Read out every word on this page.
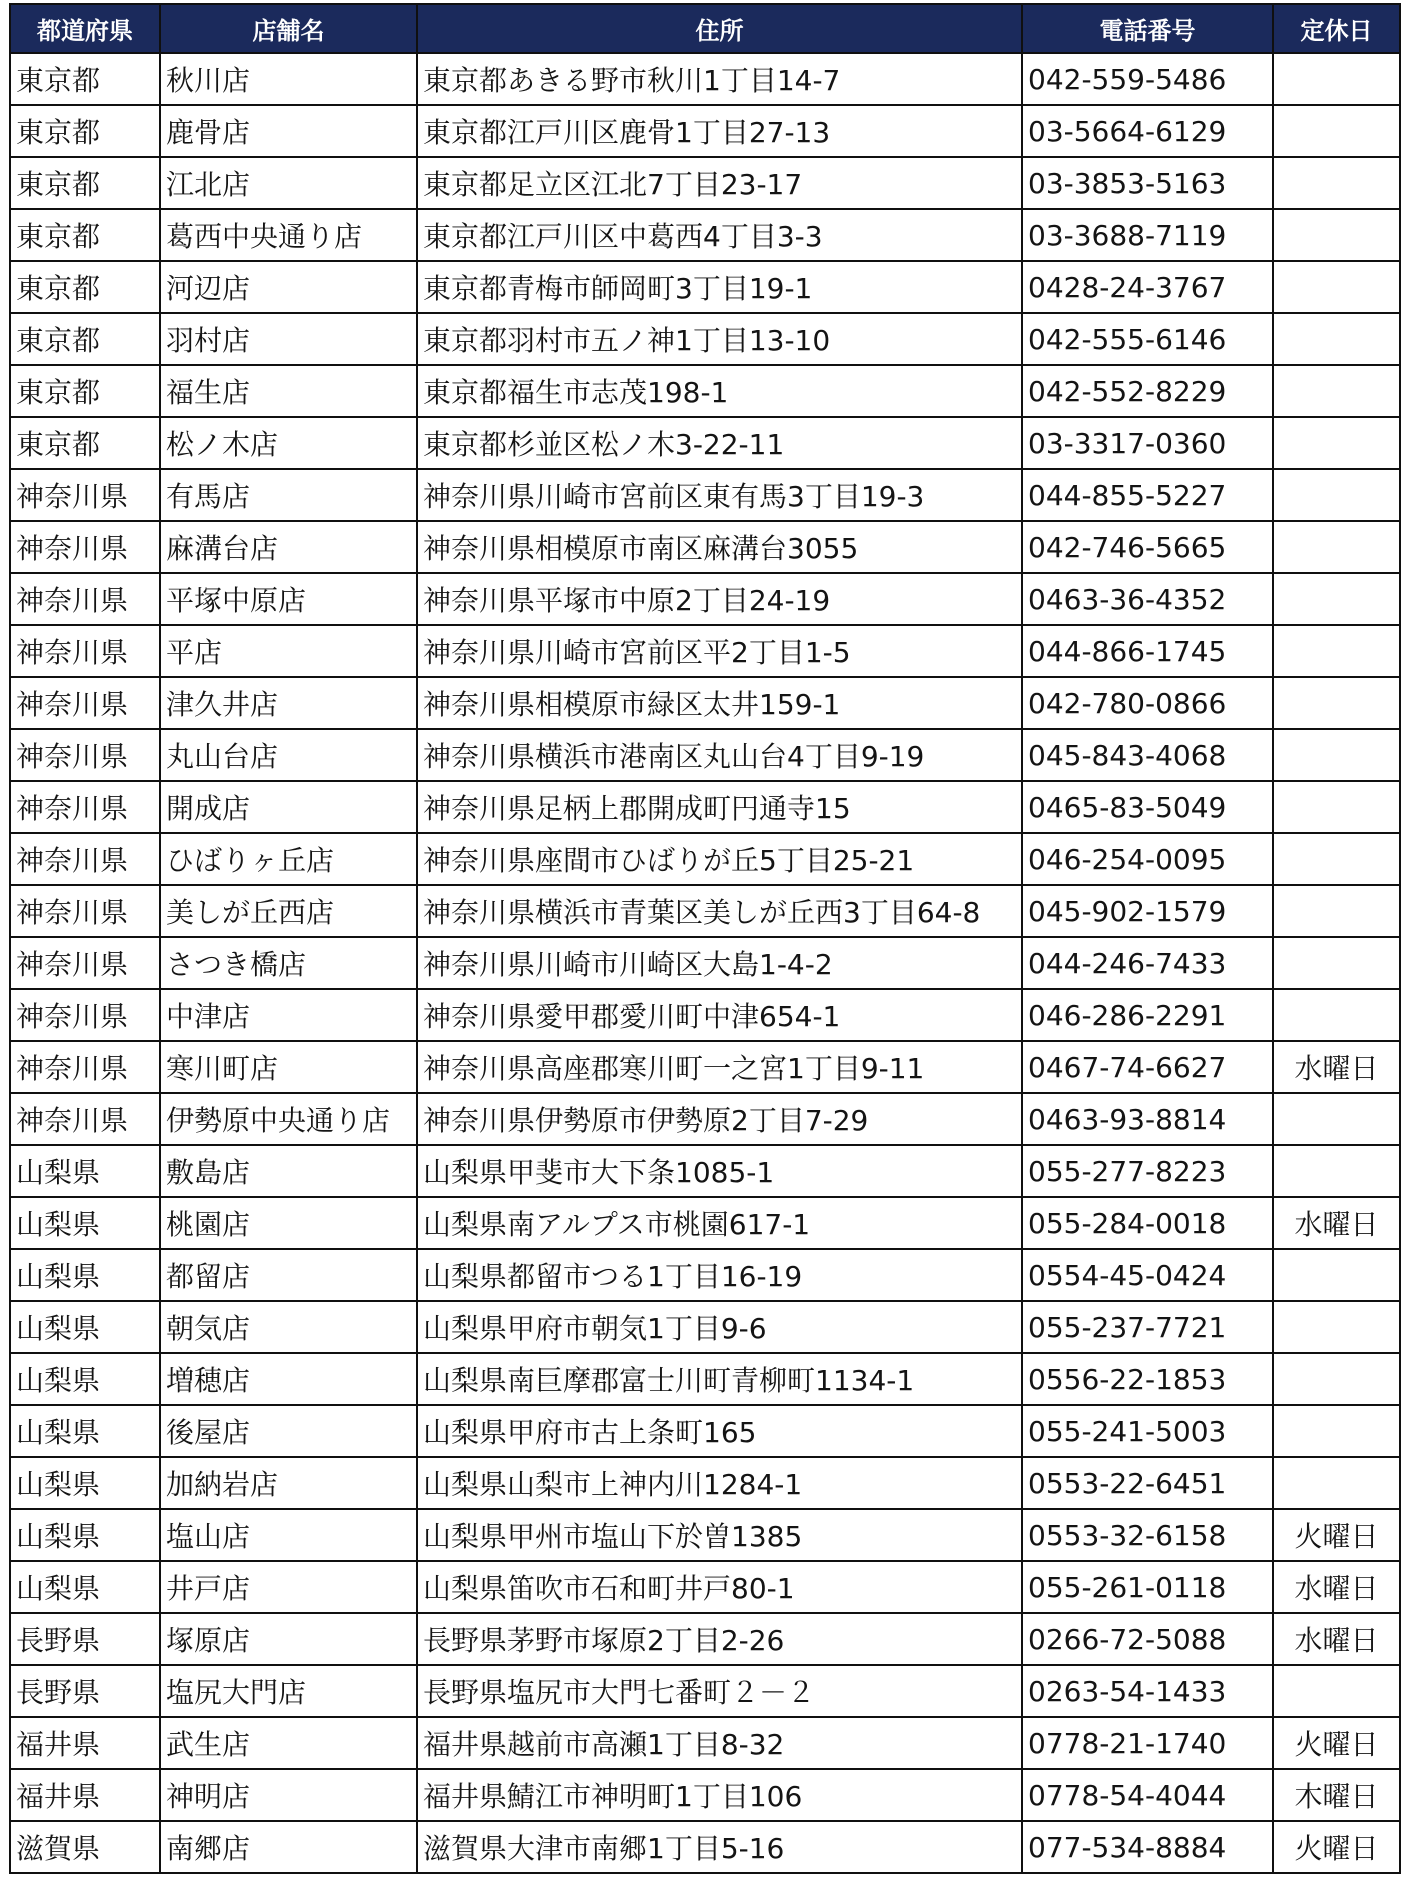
都道府県	店舗名	住所	電話番号	定休日
東京都	秋川店	東京都あきる野市秋川1丁目14-7	042-559-5486	
東京都	鹿骨店	東京都江戸川区鹿骨1丁目27-13	03-5664-6129	
東京都	江北店	東京都足立区江北7丁目23-17	03-3853-5163	
東京都	葛西中央通り店	東京都江戸川区中葛西4丁目3-3	03-3688-7119	
東京都	河辺店	東京都青梅市師岡町3丁目19-1	0428-24-3767	
東京都	羽村店	東京都羽村市五ノ神1丁目13-10	042-555-6146	
東京都	福生店	東京都福生市志茂198-1	042-552-8229	
東京都	松ノ木店	東京都杉並区松ノ木3-22-11	03-3317-0360	
神奈川県	有馬店	神奈川県川崎市宮前区東有馬3丁目19-3	044-855-5227	
神奈川県	麻溝台店	神奈川県相模原市南区麻溝台3055	042-746-5665	
神奈川県	平塚中原店	神奈川県平塚市中原2丁目24-19	0463-36-4352	
神奈川県	平店	神奈川県川崎市宮前区平2丁目1-5	044-866-1745	
神奈川県	津久井店	神奈川県相模原市緑区太井159-1	042-780-0866	
神奈川県	丸山台店	神奈川県横浜市港南区丸山台4丁目9-19	045-843-4068	
神奈川県	開成店	神奈川県足柄上郡開成町円通寺15	0465-83-5049	
神奈川県	ひばりヶ丘店	神奈川県座間市ひばりが丘5丁目25-21	046-254-0095	
神奈川県	美しが丘西店	神奈川県横浜市青葉区美しが丘西3丁目64-8	045-902-1579	
神奈川県	さつき橋店	神奈川県川崎市川崎区大島1-4-2	044-246-7433	
神奈川県	中津店	神奈川県愛甲郡愛川町中津654-1	046-286-2291	
神奈川県	寒川町店	神奈川県高座郡寒川町一之宮1丁目9-11	0467-74-6627	水曜日
神奈川県	伊勢原中央通り店	神奈川県伊勢原市伊勢原2丁目7-29	0463-93-8814	
山梨県	敷島店	山梨県甲斐市大下条1085-1	055-277-8223	
山梨県	桃園店	山梨県南アルプス市桃園617-1	055-284-0018	水曜日
山梨県	都留店	山梨県都留市つる1丁目16-19	0554-45-0424	
山梨県	朝気店	山梨県甲府市朝気1丁目9-6	055-237-7721	
山梨県	増穂店	山梨県南巨摩郡富士川町青柳町1134-1	0556-22-1853	
山梨県	後屋店	山梨県甲府市古上条町165	055-241-5003	
山梨県	加納岩店	山梨県山梨市上神内川1284-1	0553-22-6451	
山梨県	塩山店	山梨県甲州市塩山下於曽1385	0553-32-6158	火曜日
山梨県	井戸店	山梨県笛吹市石和町井戸80-1	055-261-0118	水曜日
長野県	塚原店	長野県茅野市塚原2丁目2-26	0266-72-5088	水曜日
長野県	塩尻大門店	長野県塩尻市大門七番町２－２	0263-54-1433	
福井県	武生店	福井県越前市高瀬1丁目8-32	0778-21-1740	火曜日
福井県	神明店	福井県鯖江市神明町1丁目106	0778-54-4044	木曜日
滋賀県	南郷店	滋賀県大津市南郷1丁目5-16	077-534-8884	火曜日
